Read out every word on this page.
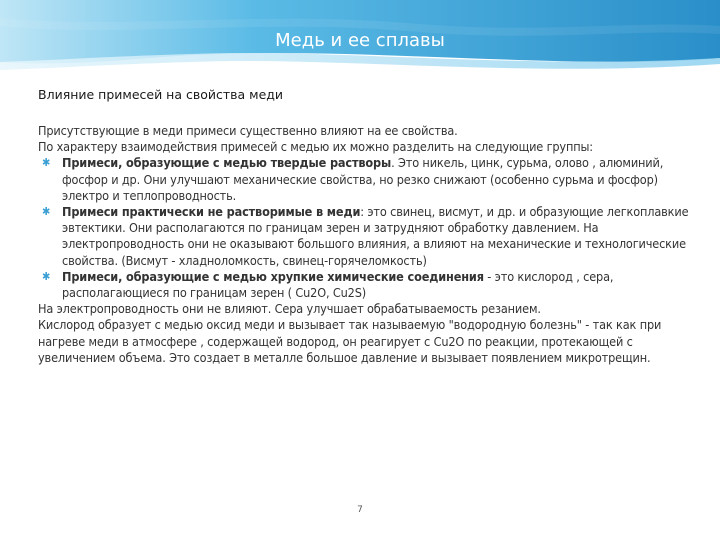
Медь и ее сплавы
Влияние примесей на свойства меди

Присутствующие в меди примеси существенно влияют на ее свойства.

По характеру взаимодействия примесей с медью их можно разделить на следующие группы:

✱ Примеси, образующие с медью твердые растворы. Это никель, цинк, сурьма, олово , алюминий, фосфор и др. Они улучшают механические свойства, но резко снижают (особенно сурьма и фосфор) электро и теплопроводность.
✱ Примеси практически не растворимые в меди: это свинец, висмут, и др. и образующие легкоплавкие эвтектики. Они располагаются по границам зерен и затрудняют обработку давлением. На электропроводность они не оказывают большого влияния, а влияют на механические и технологические свойства. (Висмут - хладноломкость, свинец-горячеломкость)
✱ Примеси, образующие с медью хрупкие химические соединения - это кислород , сера, располагающиеся по границам зерен ( Cu2O, Cu2S)

На электропроводность они не влияют. Сера улучшает обрабатываемость резанием.

Кислород образует с медью оксид меди и вызывает так называемую "водородную болезнь" - так как при нагреве меди в атмосфере , содержащей водород, он реагирует с Cu2O по реакции, протекающей с увеличением объема. Это создает в металле большое давление и вызывает появлением микротрещин.

7
